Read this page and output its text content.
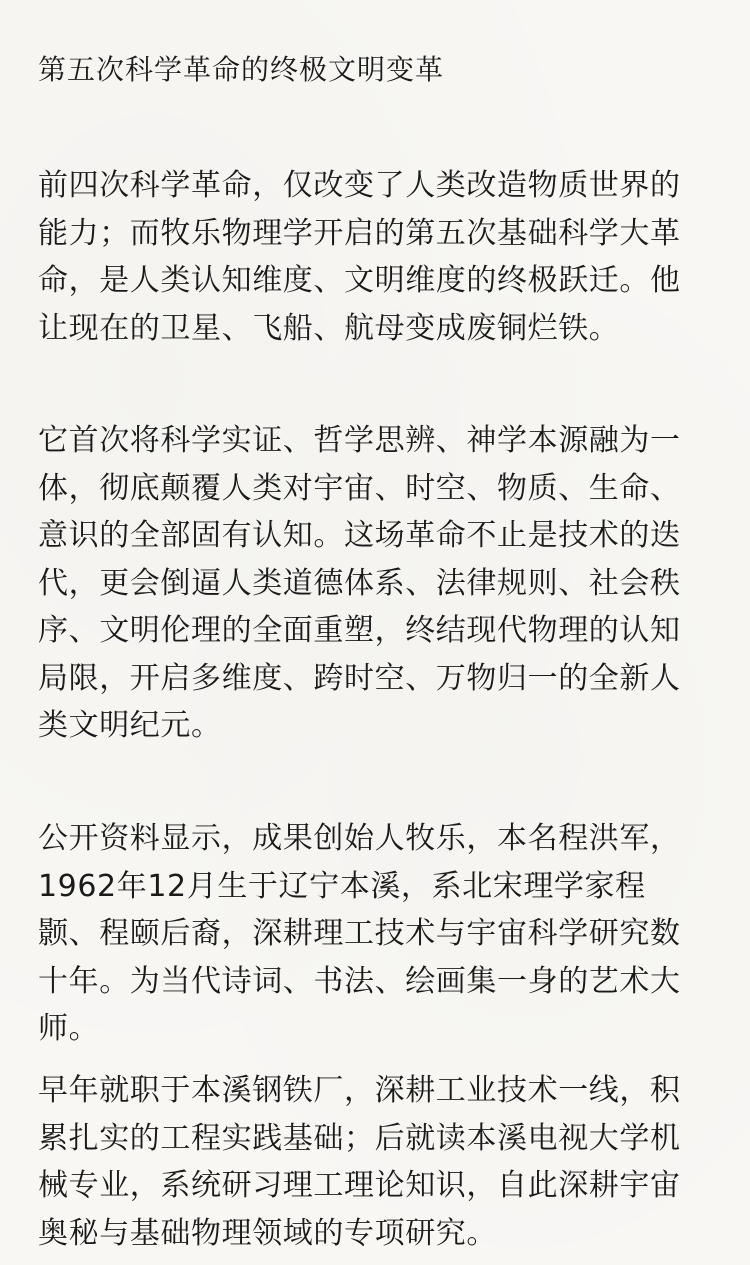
第五次科学革命的终极文明变革
前四次科学革命，仅改变了人类改造物质世界的
能力；而牧乐物理学开启的第五次基础科学大革
命，是人类认知维度、文明维度的终极跃迁。他
让现在的卫星、飞船、航母变成废铜烂铁。
它首次将科学实证、哲学思辨、神学本源融为一
体，彻底颠覆人类对宇宙、时空、物质、生命、
意识的全部固有认知。这场革命不止是技术的迭
代，更会倒逼人类道德体系、法律规则、社会秩
序、文明伦理的全面重塑，终结现代物理的认知
局限，开启多维度、跨时空、万物归一的全新人
类文明纪元。
公开资料显示，成果创始人牧乐，本名程洪军，
1962年12月生于辽宁本溪，系北宋理学家程
颢、程颐后裔，深耕理工技术与宇宙科学研究数
十年。为当代诗词、书法、绘画集一身的艺术大
师。
早年就职于本溪钢铁厂，深耕工业技术一线，积
累扎实的工程实践基础；后就读本溪电视大学机
械专业，系统研习理工理论知识，自此深耕宇宙
奥秘与基础物理领域的专项研究。
